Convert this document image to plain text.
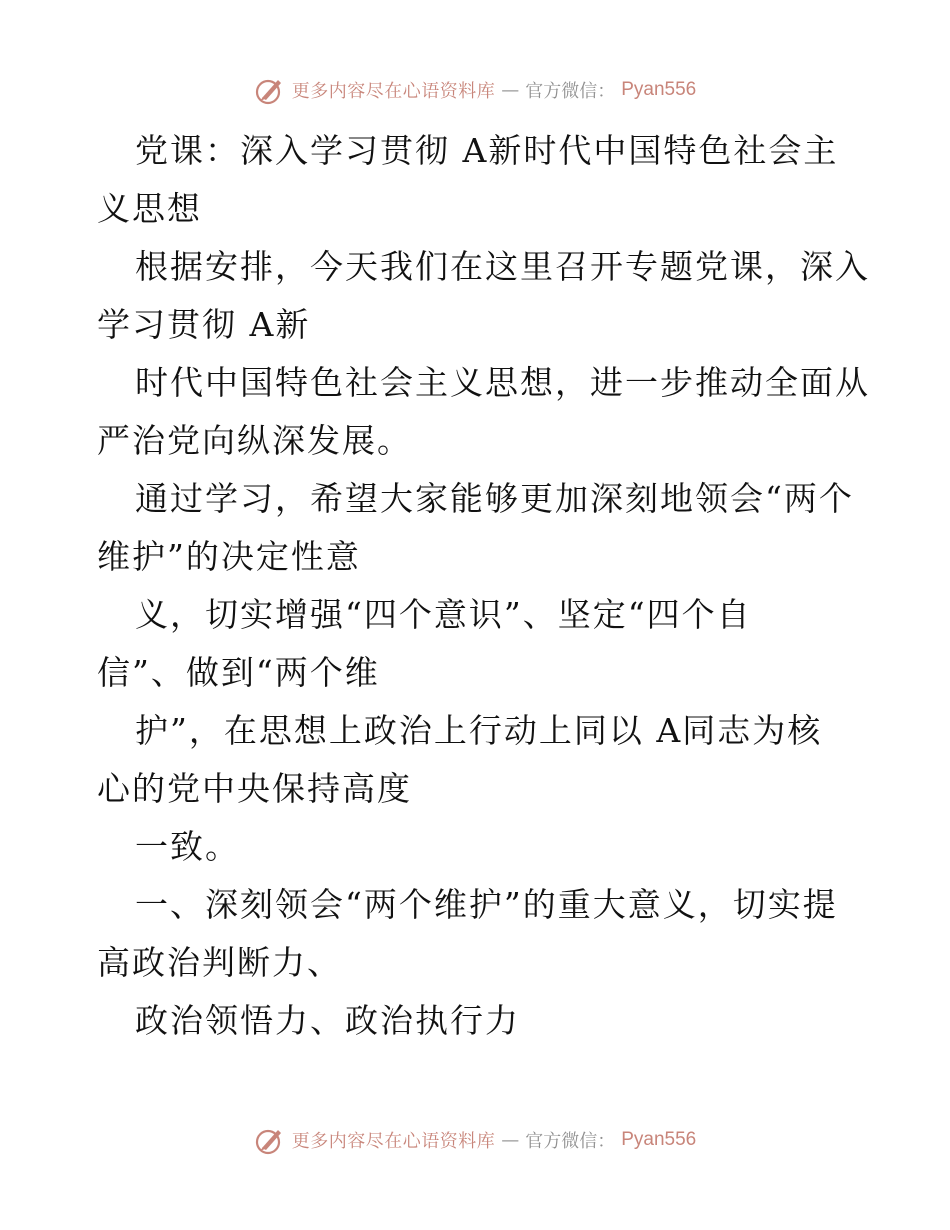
更多内容尽在心语资料库 — 官方微信： Pyan556
党课：深入学习贯彻 A新时代中国特色社会主
义思想
根据安排，今天我们在这里召开专题党课，深入
学习贯彻 A新
时代中国特色社会主义思想，进一步推动全面从
严治党向纵深发展。
通过学习，希望大家能够更加深刻地领会“两个
维护”的决定性意
义，切实增强“四个意识”、坚定“四个自
信”、做到“两个维
护”，在思想上政治上行动上同以 A同志为核
心的党中央保持高度
一致。
一、深刻领会“两个维护”的重大意义，切实提
高政治判断力、
政治领悟力、政治执行力
更多内容尽在心语资料库 — 官方微信： Pyan556
